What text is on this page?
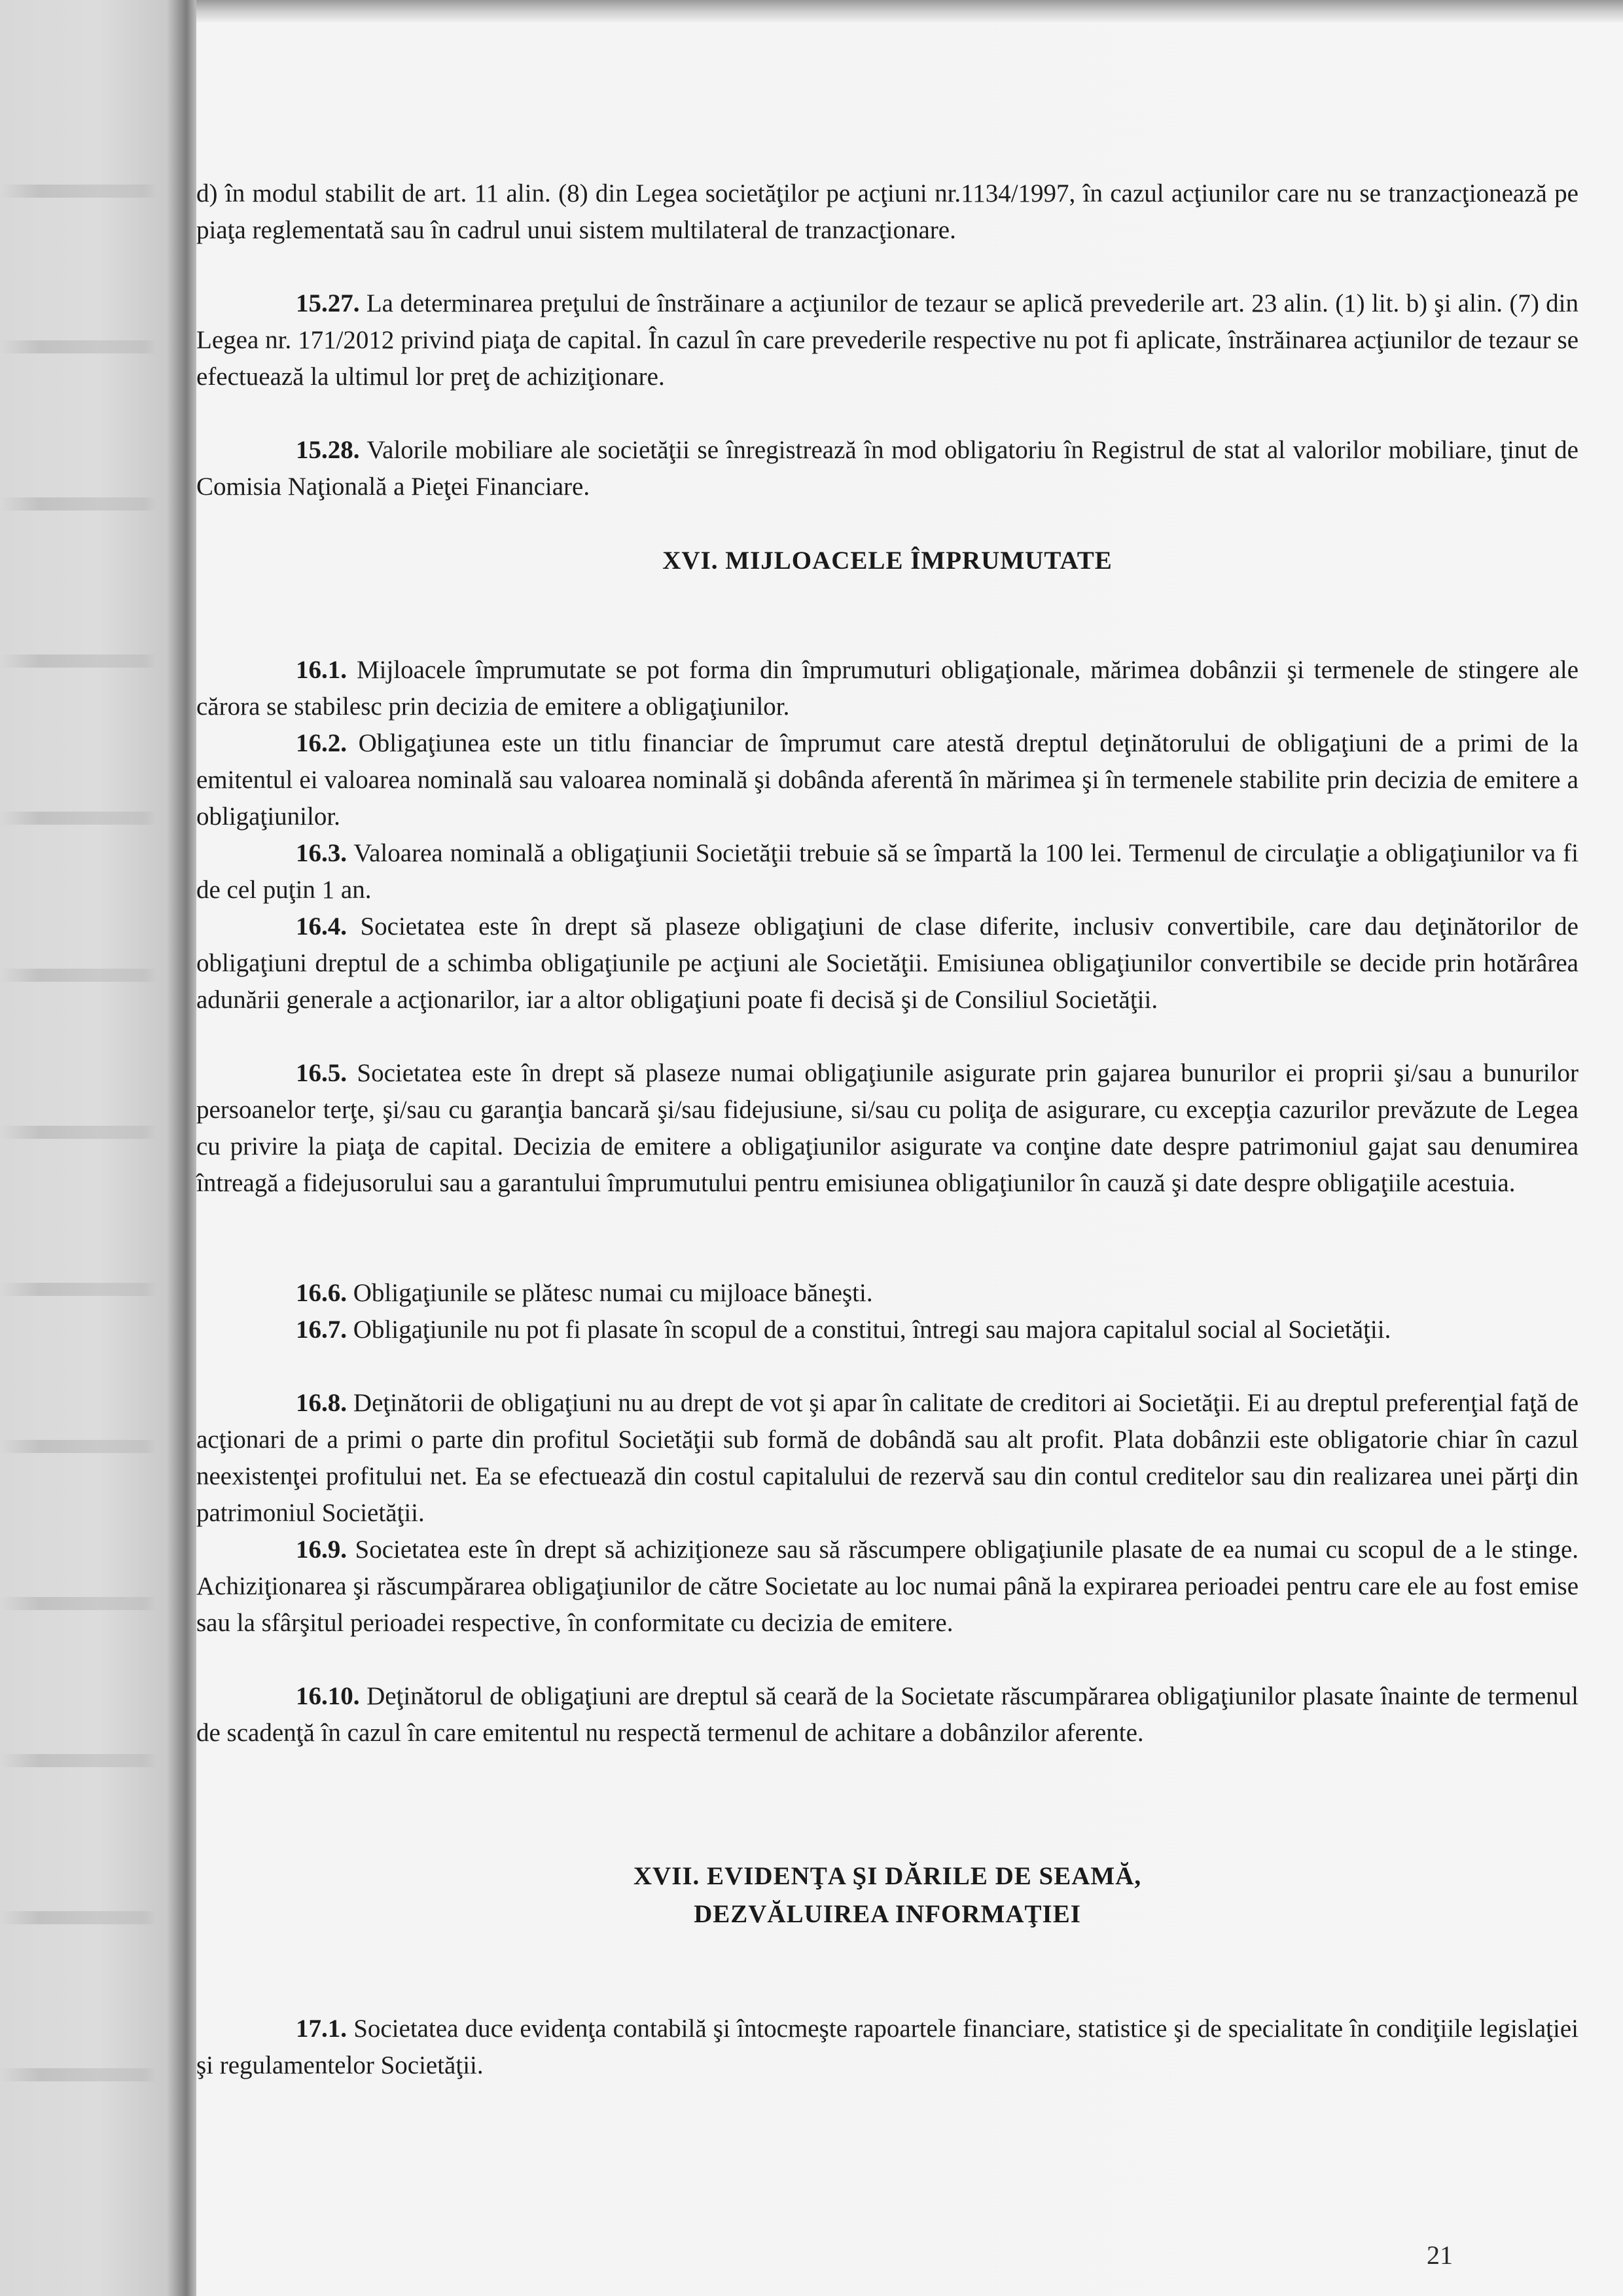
d) în modul stabilit de art. 11 alin. (8) din Legea societăţilor pe acţiuni nr.1134/1997, în cazul acţiunilor care nu se tranzacţionează pe piaţa reglementată sau în cadrul unui sistem multilateral de tranzacţionare.

15.27. La determinarea preţului de înstrăinare a acţiunilor de tezaur se aplică prevederile art. 23 alin. (1) lit. b) şi alin. (7) din Legea nr. 171/2012 privind piaţa de capital. În cazul în care prevederile respective nu pot fi aplicate, înstrăinarea acţiunilor de tezaur se efectuează la ultimul lor preţ de achiziţionare.

15.28. Valorile mobiliare ale societăţii se înregistrează în mod obligatoriu în Registrul de stat al valorilor mobiliare, ţinut de Comisia Naţională a Pieţei Financiare.

XVI. MIJLOACELE ÎMPRUMUTATE

16.1. Mijloacele împrumutate se pot forma din împrumuturi obligaţionale, mărimea dobânzii şi termenele de stingere ale cărora se stabilesc prin decizia de emitere a obligaţiunilor.

16.2. Obligaţiunea este un titlu financiar de împrumut care atestă dreptul deţinătorului de obligaţiuni de a primi de la emitentul ei valoarea nominală sau valoarea nominală şi dobânda aferentă în mărimea şi în termenele stabilite prin decizia de emitere a obligaţiunilor.

16.3. Valoarea nominală a obligaţiunii Societăţii trebuie să se împartă la 100 lei. Termenul de circulaţie a obligaţiunilor va fi de cel puţin 1 an.

16.4. Societatea este în drept să plaseze obligaţiuni de clase diferite, inclusiv convertibile, care dau deţinătorilor de obligaţiuni dreptul de a schimba obligaţiunile pe acţiuni ale Societăţii. Emisiunea obligaţiunilor convertibile se decide prin hotărârea adunării generale a acţionarilor, iar a altor obligaţiuni poate fi decisă şi de Consiliul Societăţii.

16.5. Societatea este în drept să plaseze numai obligaţiunile asigurate prin gajarea bunurilor ei proprii şi/sau a bunurilor persoanelor terţe, şi/sau cu garanţia bancară şi/sau fidejusiune, si/sau cu poliţa de asigurare, cu excepţia cazurilor prevăzute de Legea cu privire la piaţa de capital. Decizia de emitere a obligaţiunilor asigurate va conţine date despre patrimoniul gajat sau denumirea întreagă a fidejusorului sau a garantului împrumutului pentru emisiunea obligaţiunilor în cauză şi date despre obligaţiile acestuia.

16.6. Obligaţiunile se plătesc numai cu mijloace băneşti.

16.7. Obligaţiunile nu pot fi plasate în scopul de a constitui, întregi sau majora capitalul social al Societăţii.

16.8. Deţinătorii de obligaţiuni nu au drept de vot şi apar în calitate de creditori ai Societăţii. Ei au dreptul preferenţial faţă de acţionari de a primi o parte din profitul Societăţii sub formă de dobândă sau alt profit. Plata dobânzii este obligatorie chiar în cazul neexistenţei profitului net. Ea se efectuează din costul capitalului de rezervă sau din contul creditelor sau din realizarea unei părţi din patrimoniul Societăţii.

16.9. Societatea este în drept să achiziţioneze sau să răscumpere obligaţiunile plasate de ea numai cu scopul de a le stinge. Achiziţionarea şi răscumpărarea obligaţiunilor de către Societate au loc numai până la expirarea perioadei pentru care ele au fost emise sau la sfârşitul perioadei respective, în conformitate cu decizia de emitere.

16.10. Deţinătorul de obligaţiuni are dreptul să ceară de la Societate răscumpărarea obligaţiunilor plasate înainte de termenul de scadenţă în cazul în care emitentul nu respectă termenul de achitare a dobânzilor aferente.

XVII. EVIDENŢA ŞI DĂRILE DE SEAMĂ,
DEZVĂLUIREA INFORMAŢIEI

17.1. Societatea duce evidenţa contabilă şi întocmeşte rapoartele financiare, statistice şi de specialitate în condiţiile legislaţiei şi regulamentelor Societăţii.

21
